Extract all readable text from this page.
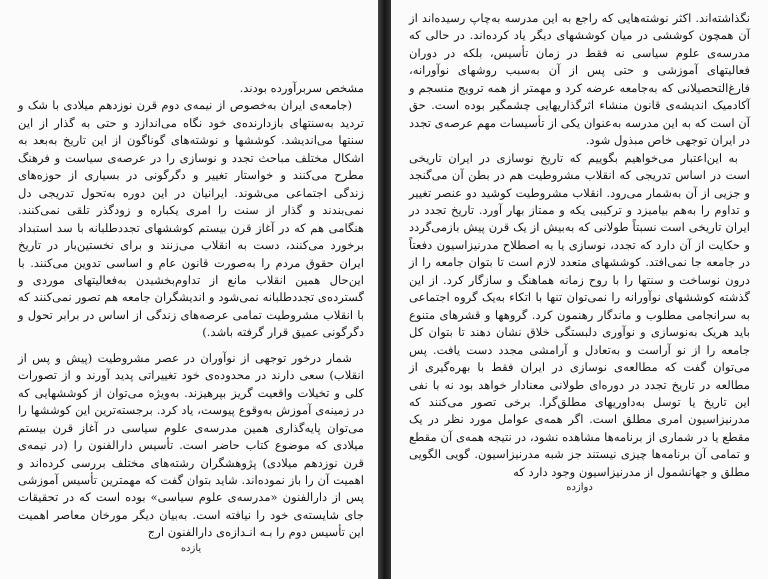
مشخص سربرآورده بودند.

(جامعه‌ی ایران به‌خصوص از نیمه‌ی دوم قرن نوزدهم میلادی با شک و تردید به‌سنتهای بازدارنده‌ی خود نگاه می‌اندازد و حتی به گذار از این سنتها می‌اندیشد. کوششها و نوشته‌های گوناگون از این تاریخ به‌بعد به اشکال مختلف مباحث تجدد و نوسازی را در عرصه‌ی سیاست و فرهنگ مطرح می‌کنند و خواستار تغییر و دگرگونی در بسیاری از حوزه‌های زندگی اجتماعی می‌شوند. ایرانیان در این دوره به‌تحول تدریجی دل نمی‌بندند و گذار از سنت را امری یکباره و زودگذر تلقی نمی‌کنند. هنگامی هم که در آغاز قرن بیستم کوششهای تجددطلبانه با سد استبداد برخورد می‌کنند، دست به انقلاب می‌زنند و برای نخستین‌بار در تاریخ ایران حقوق مردم را به‌صورت قانون عام و اساسی تدوین می‌کنند. با این‌حال همین انقلاب مانع از تداوم‌بخشیدن به‌فعالیتهای موردی و گسترده‌ی تجددطلبانه نمی‌شود و اندیشگران جامعه هم تصور نمی‌کنند که با انقلاب مشروطیت تمامی عرصه‌های زندگی از اساس در برابر تحول و دگرگونی عمیق قرار گرفته باشد.)

شمار درخور توجهی از نوآوران در عصر مشروطیت (پیش و پس از انقلاب) سعی دارند در محدوده‌ی خود تغییراتی پدید آورند و از تصورات کلی و تخیلات واقعیت گریز بپرهیزند. به‌ویژه می‌توان از کوششهایی که در زمینه‌ی آموزش به‌وقوع پیوست، یاد کرد. برجسته‌ترین این کوششها را می‌توان پایه‌گذاری همین مدرسه‌ی علوم سیاسی در آغاز قرن بیستم میلادی که موضوع کتاب حاضر است. تأسیس دارالفنون را (در نیمه‌ی قرن نوزدهم میلادی) پژوهشگران رشته‌های مختلف بررسی کرده‌اند و اهمیت آن را باز نموده‌اند. شاید بتوان گفت که مهمترین تأسیس آموزشی پس از دارالفنون «مدرسه‌ی علوم سیاسی» بوده است که در تحقیقات جای شایسته‌ی خود را نیافته است. به‌بیان دیگر مورخان معاصر اهمیت این تأسیس دوم را بـه انـدازه‌ی دارالفنون ارج

یازده

نگذاشته‌اند. اکثر نوشته‌هایی که راجع به این مدرسه به‌چاپ رسیده‌اند از آن همچون کوششی در میان کوششهای دیگر یاد کرده‌اند. در حالی که مدرسه‌ی علوم سیاسی نه فقط در زمان تأسیس، بلکه در دوران فعالیتهای آموزشی و حتی پس از آن به‌سبب روشهای نوآورانه، فارغ‌التحصیلانی که به‌جامعه عرضه کرد و مهمتر از همه ترویج منسجم و آکادمیک اندیشه‌ی قانون منشاء اثرگذاریهایی چشمگیر بوده است. حق آن است که به این مدرسه به‌عنوان یکی از تأسیسات مهم عرصه‌ی تجدد در ایران توجهی خاص مبذول شود.

به این‌اعتبار می‌خواهیم بگوییم که تاریخ نوسازی در ایران تاریخی است در اساس تدریجی که انقلاب مشروطیت هم در بطن آن می‌گنجد و جزیی از آن به‌شمار می‌رود. انقلاب مشروطیت کوشید دو عنصر تغییر و تداوم را به‌هم بیامیزد و ترکیبی یکه و ممتاز بهار آورد. تاریخ تجدد در ایران تاریخی است نسبتاً طولانی که به‌بیش از یک قرن پیش بازمی‌گردد و حکایت از آن دارد که تجدد، نوسازی یا به اصطلاح مدرنیزاسیون دفعتاً در جامعه جا نمی‌افتد. کوششهای متعدد لازم است تا بتوان جامعه را از درون نوساخت و سنتها را با روح زمانه هماهنگ و سازگار کرد. از این گذشته کوششهای نوآورانه را نمی‌توان تنها با اتکاء به‌یک گروه اجتماعی به سرانجامی مطلوب و ماندگار رهنمون کرد. گروهها و قشرهای متنوع باید هریک به‌نوسازی و نوآوری دلبستگی خلاق نشان دهند تا بتوان کل جامعه را از نو آراست و به‌تعادل و آرامشی مجدد دست یافت. پس می‌توان گفت که مطالعه‌ی نوسازی در ایران فقط با بهره‌گیری از مطالعه در تاریخ تجدد در دوره‌ای طولانی معنادار خواهد بود نه با نفی این تاریخ یا توسل به‌داوریهای مطلق‌گرا. برخی تصور می‌کنند که مدرنیزاسیون امری مطلق است. اگر همه‌ی عوامل مورد نظر در یک مقطع یا در شماری از برنامه‌ها مشاهده نشود، در نتیجه همه‌ی آن مقطع و تمامی آن برنامه‌ها چیزی نیستند جز شبه مدرنیزاسیون. گویی الگویی مطلق و جهانشمول از مدرنیزاسیون وجود دارد که

دوازده
